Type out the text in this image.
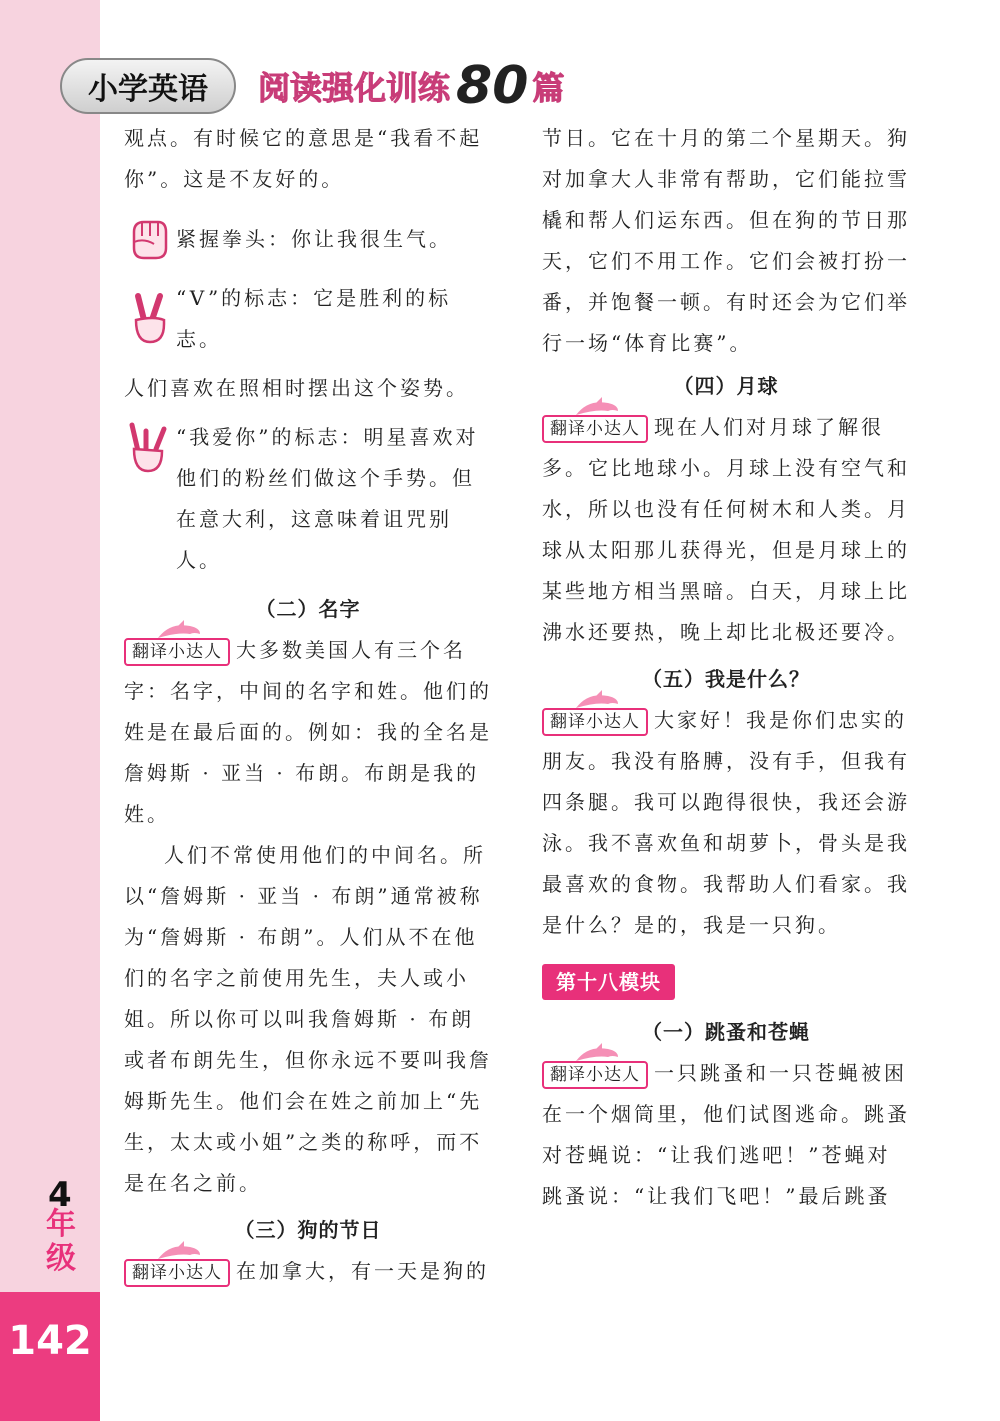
4
年级
142
小学英语	阅读强化训练 80 篇

观点。有时候它的意思是“我看不起你”。这是不友好的。

紧握拳头：你让我很生气。

“V”的标志：它是胜利的标志。

人们喜欢在照相时摆出这个姿势。

“我爱你”的标志：明星喜欢对他们的粉丝们做这个手势。但在意大利，这意味着诅咒别人。

（二）名字

翻译小达人 大多数美国人有三个名字：名字，中间的名字和姓。他们的姓是在最后面的。例如：我的全名是詹姆斯 · 亚当 · 布朗。布朗是我的姓。

人们不常使用他们的中间名。所以“詹姆斯 · 亚当 · 布朗”通常被称为“詹姆斯 · 布朗”。人们从不在他们的名字之前使用先生，夫人或小姐。所以你可以叫我詹姆斯 · 布朗或者布朗先生，但你永远不要叫我詹姆斯先生。他们会在姓之前加上“先生，太太或小姐”之类的称呼，而不是在名之前。

（三）狗的节日

翻译小达人 在加拿大，有一天是狗的

节日。它在十月的第二个星期天。狗对加拿大人非常有帮助，它们能拉雪橇和帮人们运东西。但在狗的节日那天，它们不用工作。它们会被打扮一番，并饱餐一顿。有时还会为它们举行一场“体育比赛”。

（四）月球

翻译小达人 现在人们对月球了解很多。它比地球小。月球上没有空气和水，所以也没有任何树木和人类。月球从太阳那儿获得光，但是月球上的某些地方相当黑暗。白天，月球上比沸水还要热，晚上却比北极还要冷。

（五）我是什么？

翻译小达人 大家好！我是你们忠实的朋友。我没有胳膊，没有手，但我有四条腿。我可以跑得很快，我还会游泳。我不喜欢鱼和胡萝卜，骨头是我最喜欢的食物。我帮助人们看家。我是什么？是的，我是一只狗。

第十八模块

（一）跳蚤和苍蝇

翻译小达人 一只跳蚤和一只苍蝇被困在一个烟筒里，他们试图逃命。跳蚤对苍蝇说：“让我们逃吧！”苍蝇对跳蚤说：“让我们飞吧！”最后跳蚤
